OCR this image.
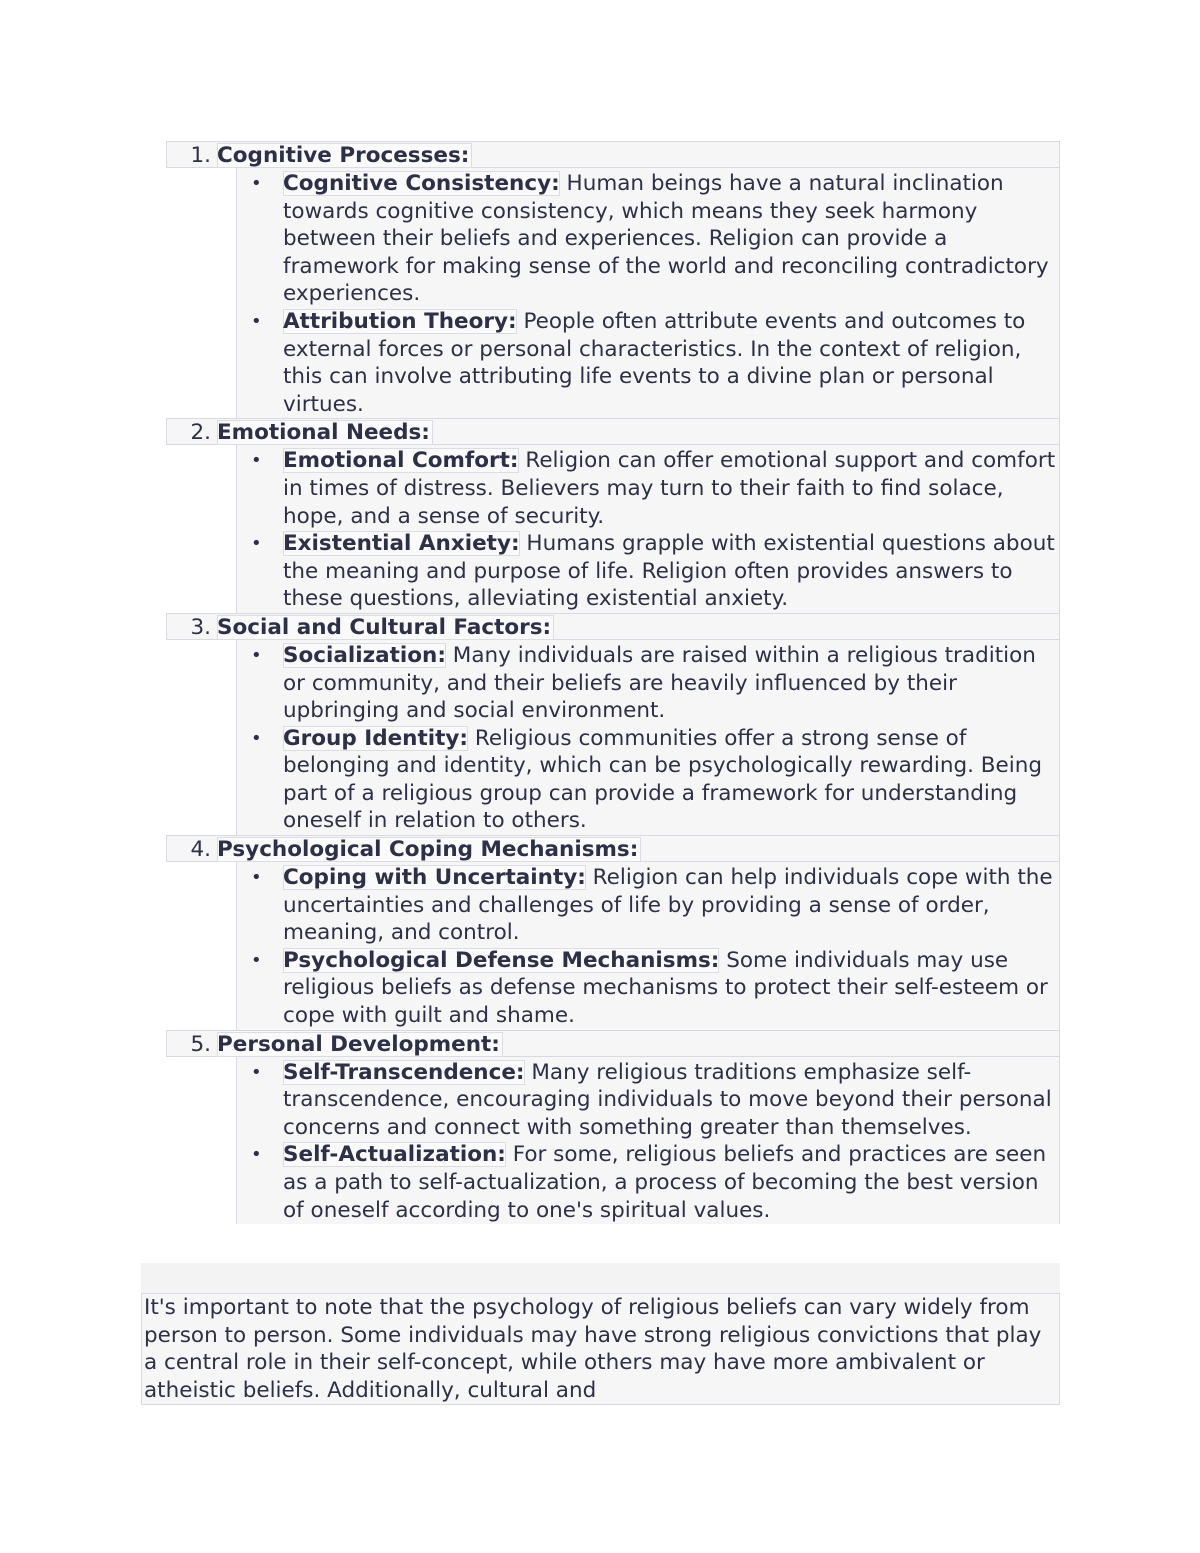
1. Cognitive Processes:
• Cognitive Consistency: Human beings have a natural inclination towards cognitive consistency, which means they seek harmony between their beliefs and experiences. Religion can provide a framework for making sense of the world and reconciling contradictory experiences.
• Attribution Theory: People often attribute events and outcomes to external forces or personal characteristics. In the context of religion, this can involve attributing life events to a divine plan or personal virtues.
2. Emotional Needs:
• Emotional Comfort: Religion can offer emotional support and comfort in times of distress. Believers may turn to their faith to find solace, hope, and a sense of security.
• Existential Anxiety: Humans grapple with existential questions about the meaning and purpose of life. Religion often provides answers to these questions, alleviating existential anxiety.
3. Social and Cultural Factors:
• Socialization: Many individuals are raised within a religious tradition or community, and their beliefs are heavily influenced by their upbringing and social environment.
• Group Identity: Religious communities offer a strong sense of belonging and identity, which can be psychologically rewarding. Being part of a religious group can provide a framework for understanding oneself in relation to others.
4. Psychological Coping Mechanisms:
• Coping with Uncertainty: Religion can help individuals cope with the uncertainties and challenges of life by providing a sense of order, meaning, and control.
• Psychological Defense Mechanisms: Some individuals may use religious beliefs as defense mechanisms to protect their self-esteem or cope with guilt and shame.
5. Personal Development:
• Self-Transcendence: Many religious traditions emphasize self-transcendence, encouraging individuals to move beyond their personal concerns and connect with something greater than themselves.
• Self-Actualization: For some, religious beliefs and practices are seen as a path to self-actualization, a process of becoming the best version of oneself according to one's spiritual values.
It's important to note that the psychology of religious beliefs can vary widely from person to person. Some individuals may have strong religious convictions that play a central role in their self-concept, while others may have more ambivalent or atheistic beliefs. Additionally, cultural and
